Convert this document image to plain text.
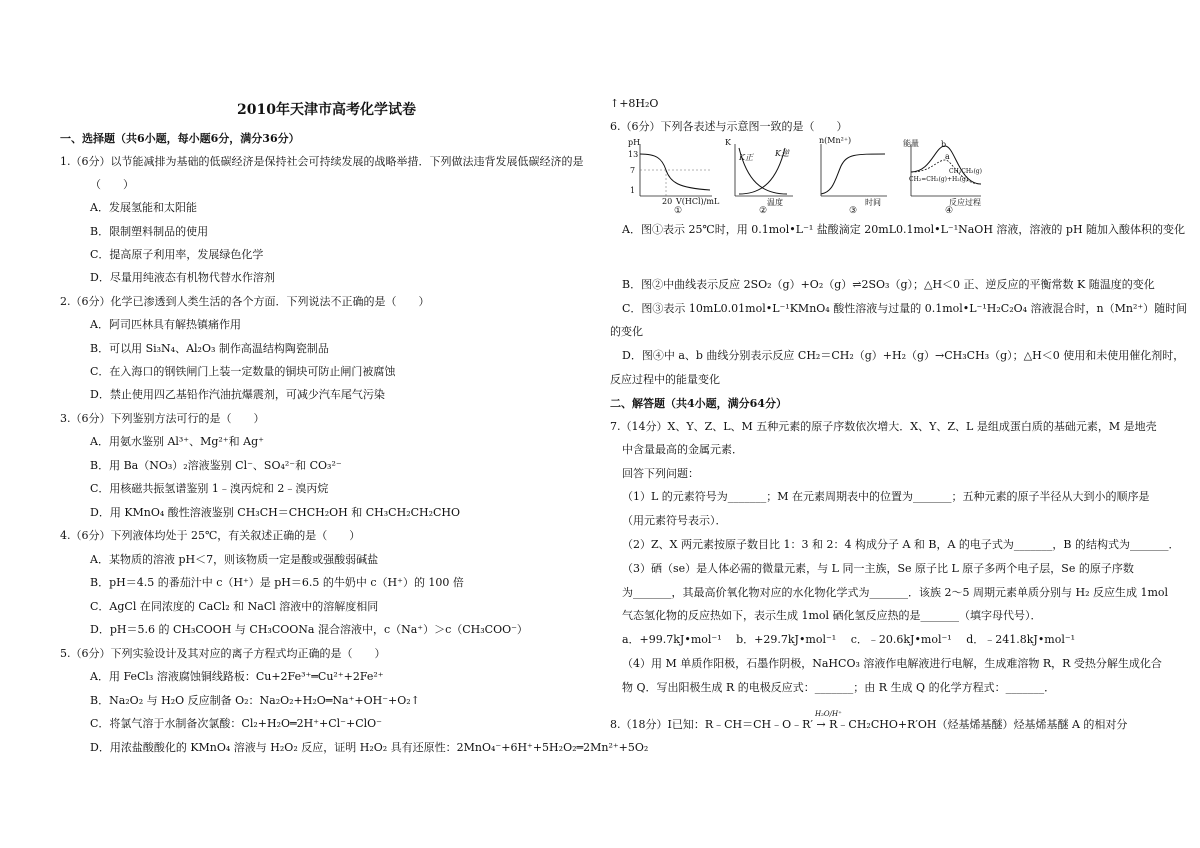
2010年天津市高考化学试卷
一、选择题（共6小题，每小题6分，满分36分）
1.（6分）以节能减排为基础的低碳经济是保持社会可持续发展的战略举措．下列做法违背发展低碳经济的是
（　　）
A．发展氢能和太阳能
B．限制塑料制品的使用
C．提高原子利用率，发展绿色化学
D．尽量用纯液态有机物代替水作溶剂
2.（6分）化学已渗透到人类生活的各个方面．下列说法不正确的是（　　）
A．阿司匹林具有解热镇痛作用
B．可以用 Si₃N₄、Al₂O₃ 制作高温结构陶瓷制品
C．在入海口的钢铁闸门上装一定数量的铜块可防止闸门被腐蚀
D．禁止使用四乙基铅作汽油抗爆震剂，可减少汽车尾气污染
3.（6分）下列鉴别方法可行的是（　　）
A．用氨水鉴别 Al³⁺、Mg²⁺和 Ag⁺
B．用 Ba（NO₃）₂溶液鉴别 Cl⁻、SO₄²⁻和 CO₃²⁻
C．用核磁共振氢谱鉴别 1﹣溴丙烷和 2﹣溴丙烷
D．用 KMnO₄ 酸性溶液鉴别 CH₃CH＝CHCH₂OH 和 CH₃CH₂CH₂CHO
4.（6分）下列液体均处于 25℃，有关叙述正确的是（　　）
A．某物质的溶液 pH＜7，则该物质一定是酸或强酸弱碱盐
B．pH＝4.5 的番茄汁中 c（H⁺）是 pH＝6.5 的牛奶中 c（H⁺）的 100 倍
C．AgCl 在同浓度的 CaCl₂ 和 NaCl 溶液中的溶解度相同
D．pH＝5.6 的 CH₃COOH 与 CH₃COONa 混合溶液中，c（Na⁺）＞c（CH₃COO⁻）
5.（6分）下列实验设计及其对应的离子方程式均正确的是（　　）
A．用 FeCl₃ 溶液腐蚀铜线路板：Cu+2Fe³⁺═Cu²⁺+2Fe²⁺
B．Na₂O₂ 与 H₂O 反应制备 O₂：Na₂O₂+H₂O═Na⁺+OH⁻+O₂↑
C．将氯气溶于水制备次氯酸：Cl₂+H₂O═2H⁺+Cl⁻+ClO⁻
D．用浓盐酸酸化的 KMnO₄ 溶液与 H₂O₂ 反应，证明 H₂O₂ 具有还原性：2MnO₄⁻+6H⁺+5H₂O₂═2Mn²⁺+5O₂
↑+8H₂O
6.（6分）下列各表述与示意图一致的是（　　）
A．图①表示 25℃时，用 0.1mol•L⁻¹ 盐酸滴定 20mL0.1mol•L⁻¹NaOH 溶液，溶液的 pH 随加入酸体积的变化
B．图②中曲线表示反应 2SO₂（g）+O₂（g）⇌2SO₃（g）；△H＜0 正、逆反应的平衡常数 K 随温度的变化
C．图③表示 10mL0.01mol•L⁻¹KMnO₄ 酸性溶液与过量的 0.1mol•L⁻¹H₂C₂O₄ 溶液混合时，n（Mn²⁺）随时间
的变化
D．图④中 a、b 曲线分别表示反应 CH₂＝CH₂（g）+H₂（g）→CH₃CH₃（g）；△H＜0 使用和未使用催化剂时，
反应过程中的能量变化
二、解答题（共4小题，满分64分）
7.（14分）X、Y、Z、L、M 五种元素的原子序数依次增大．X、Y、Z、L 是组成蛋白质的基础元素，M 是地壳
中含量最高的金属元素．
回答下列问题：
（1）L 的元素符号为_______；M 在元素周期表中的位置为_______；五种元素的原子半径从大到小的顺序是
（用元素符号表示）．
（2）Z、X 两元素按原子数目比 1：3 和 2：4 构成分子 A 和 B，A 的电子式为_______，B 的结构式为_______．
（3）硒（se）是人体必需的微量元素，与 L 同一主族，Se 原子比 L 原子多两个电子层，Se 的原子序数
为_______，其最高价氧化物对应的水化物化学式为_______．该族 2～5 周期元素单质分别与 H₂ 反应生成 1mol
气态氢化物的反应热如下，表示生成 1mol 硒化氢反应热的是_______（填字母代号）．
a．+99.7kJ•mol⁻¹　 b．+29.7kJ•mol⁻¹　 c．﹣20.6kJ•mol⁻¹　 d．﹣241.8kJ•mol⁻¹
（4）用 M 单质作阳极，石墨作阴极，NaHCO₃ 溶液作电解液进行电解，生成难溶物 R，R 受热分解生成化合
物 Q．写出阳极生成 R 的电极反应式：_______；由 R 生成 Q 的化学方程式：_______．
8.（18分）Ⅰ已知：R﹣CH＝CH﹣O﹣R′ → R﹣CH₂CHO+R′OH（烃基烯基醚）烃基烯基醚 A 的相对分
H₂O/H⁺
pH
13
7
1
20 V(HCl)/mL
①
K
K正	K逆
温度
②
n(Mn²⁺)
时间
③
能量
a
b
CH₂=CH₂(g)+H₂(g)
CH₃CH₃(g)
反应过程
④
